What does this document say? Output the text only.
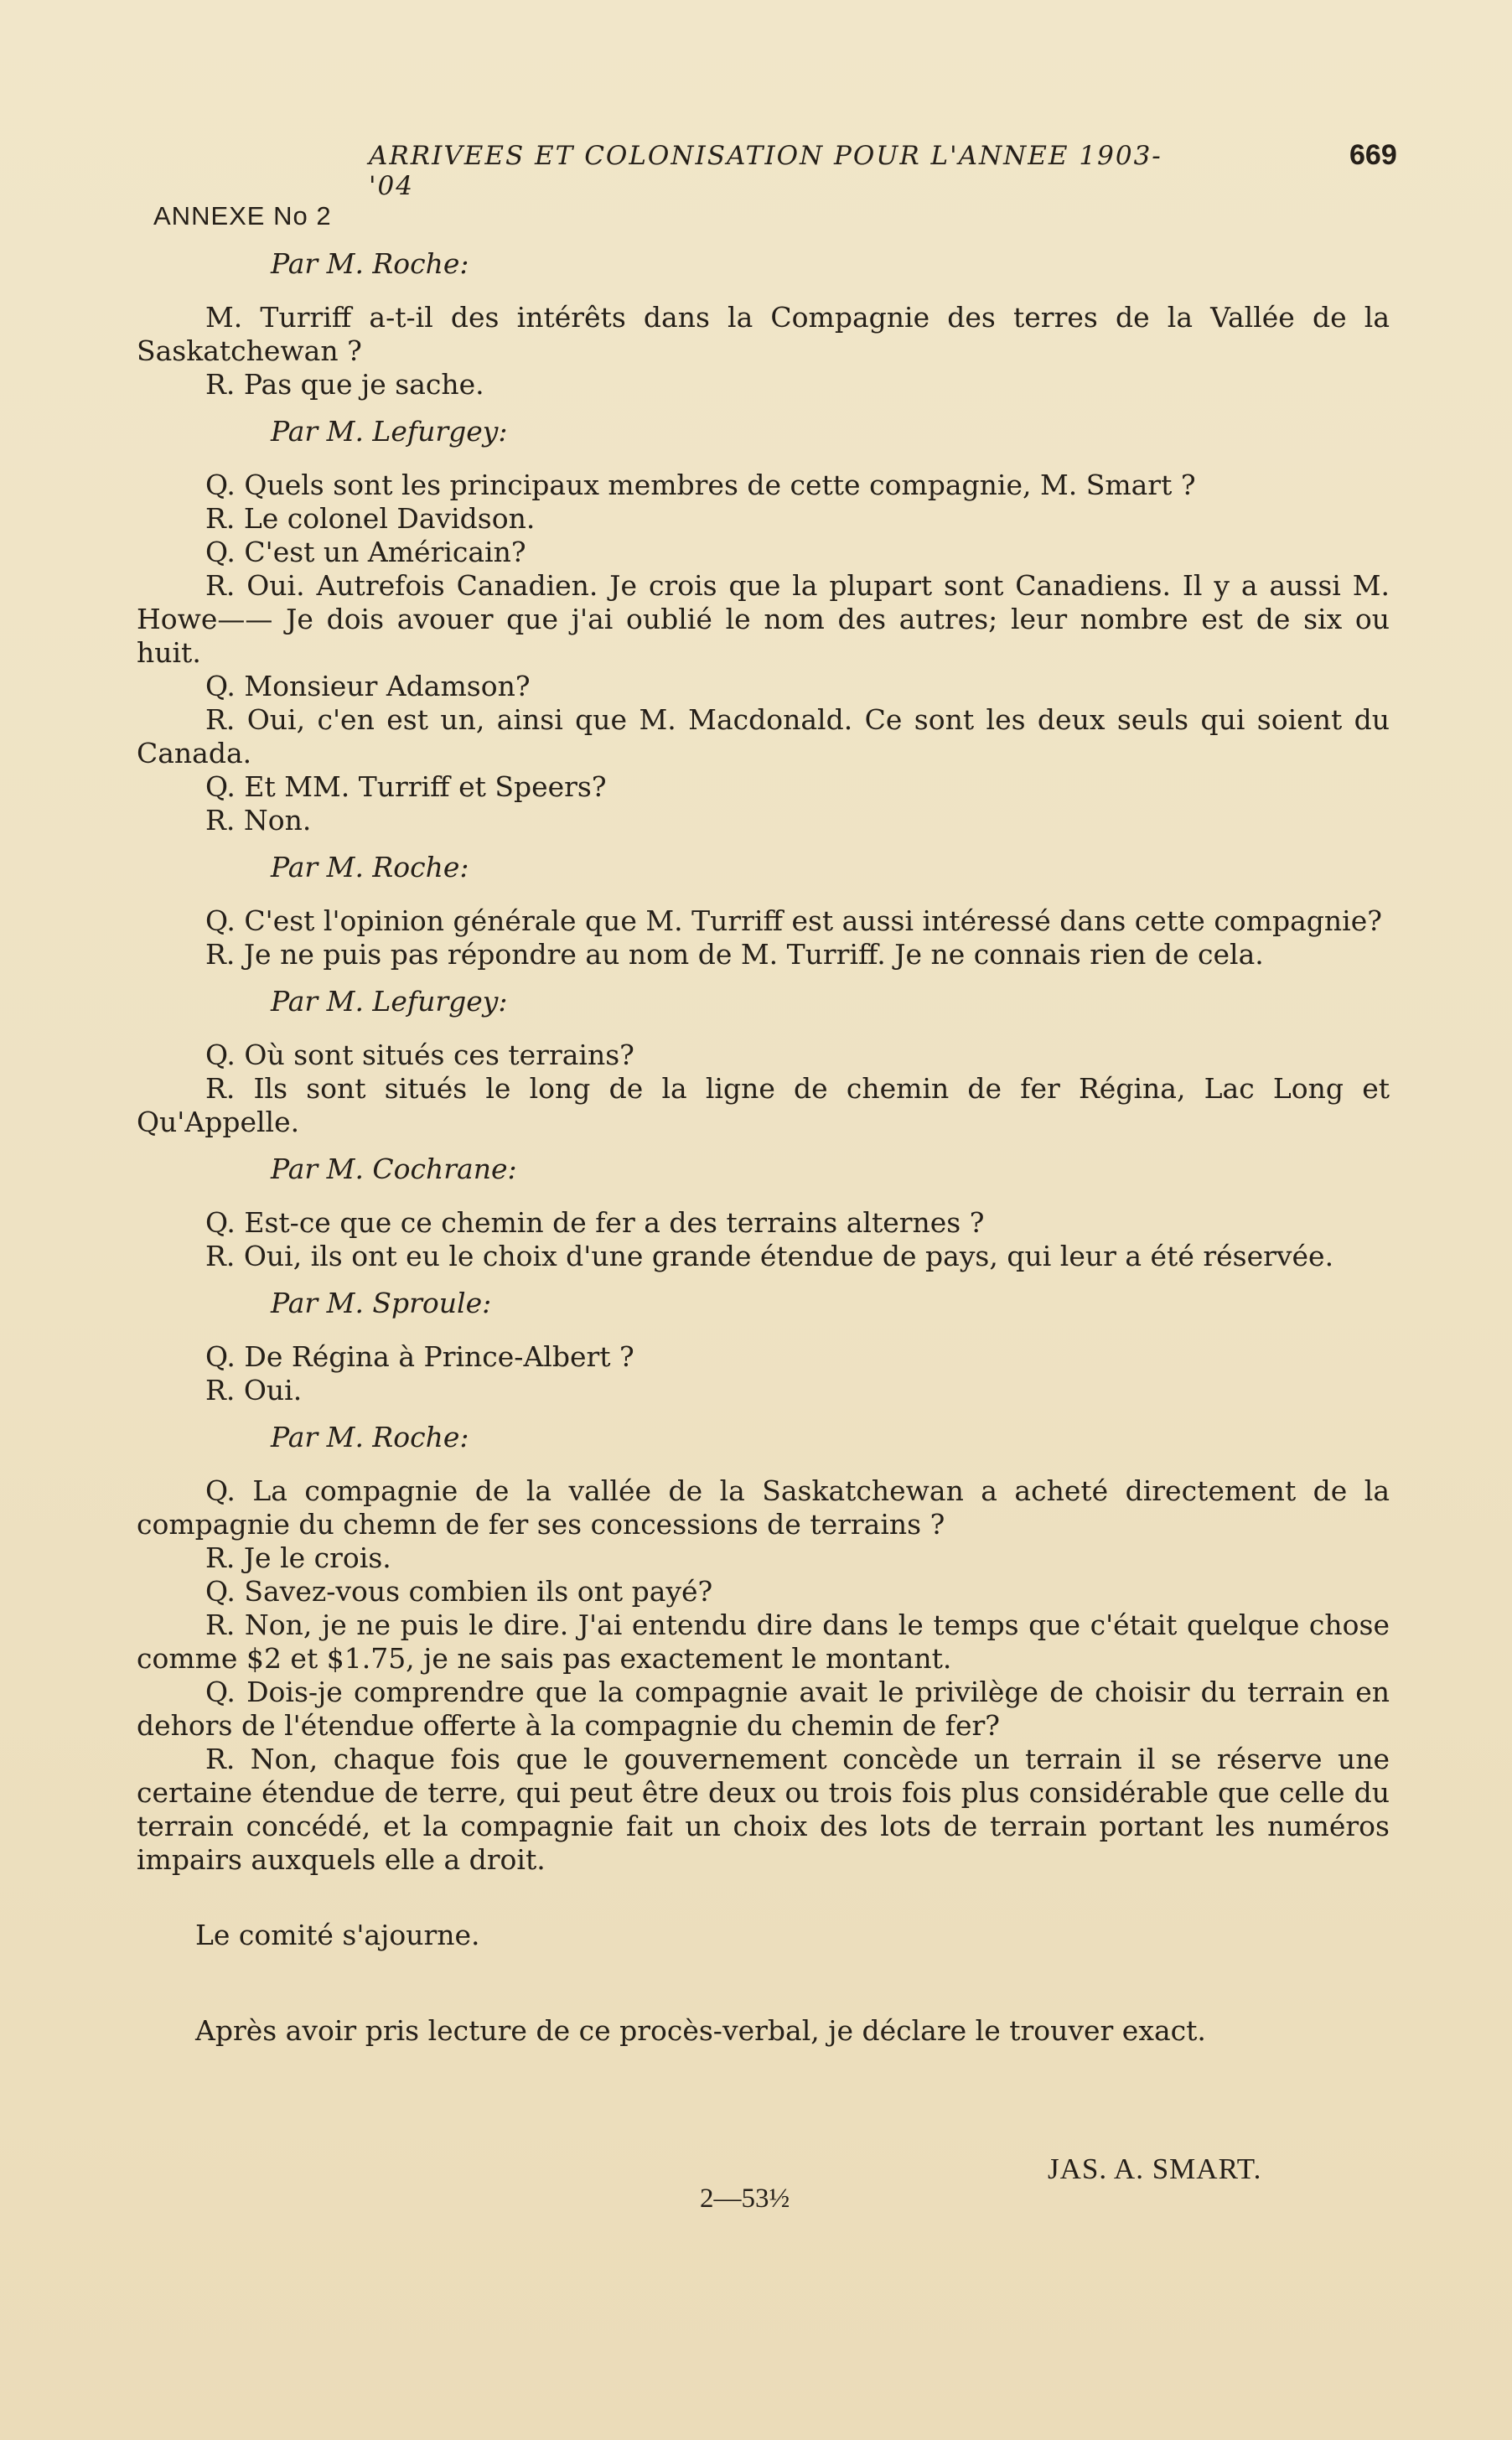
ARRIVEES ET COLONISATION POUR L'ANNEE 1903-'04
669
ANNEXE No 2
Par M. Roche:

M. Turriff a-t-il des intérêts dans la Compagnie des terres de la Vallée de la Saskatchewan ?

R. Pas que je sache.

Par M. Lefurgey:

Q. Quels sont les principaux membres de cette compagnie, M. Smart ?

R. Le colonel Davidson.

Q. C'est un Américain?

R. Oui. Autrefois Canadien. Je crois que la plupart sont Canadiens. Il y a aussi M. Howe—— Je dois avouer que j'ai oublié le nom des autres; leur nombre est de six ou huit.

Q. Monsieur Adamson?

R. Oui, c'en est un, ainsi que M. Macdonald. Ce sont les deux seuls qui soient du Canada.

Q. Et MM. Turriff et Speers?

R. Non.

Par M. Roche:

Q. C'est l'opinion générale que M. Turriff est aussi intéressé dans cette compagnie?

R. Je ne puis pas répondre au nom de M. Turriff. Je ne connais rien de cela.

Par M. Lefurgey:

Q. Où sont situés ces terrains?

R. Ils sont situés le long de la ligne de chemin de fer Régina, Lac Long et Qu'Appelle.

Par M. Cochrane:

Q. Est-ce que ce chemin de fer a des terrains alternes ?

R. Oui, ils ont eu le choix d'une grande étendue de pays, qui leur a été réservée.

Par M. Sproule:

Q. De Régina à Prince-Albert ?

R. Oui.

Par M. Roche:

Q. La compagnie de la vallée de la Saskatchewan a acheté directement de la compagnie du chemn de fer ses concessions de terrains ?

R. Je le crois.

Q. Savez-vous combien ils ont payé?

R. Non, je ne puis le dire. J'ai entendu dire dans le temps que c'était quelque chose comme $2 et $1.75, je ne sais pas exactement le montant.

Q. Dois-je comprendre que la compagnie avait le privilège de choisir du terrain en dehors de l'étendue offerte à la compagnie du chemin de fer?

R. Non, chaque fois que le gouvernement concède un terrain il se réserve une certaine étendue de terre, qui peut être deux ou trois fois plus considérable que celle du terrain concédé, et la compagnie fait un choix des lots de terrain portant les numéros impairs auxquels elle a droit.

Le comité s'ajourne.

Après avoir pris lecture de ce procès-verbal, je déclare le trouver exact.

JAS. A. SMART.
2—53½
